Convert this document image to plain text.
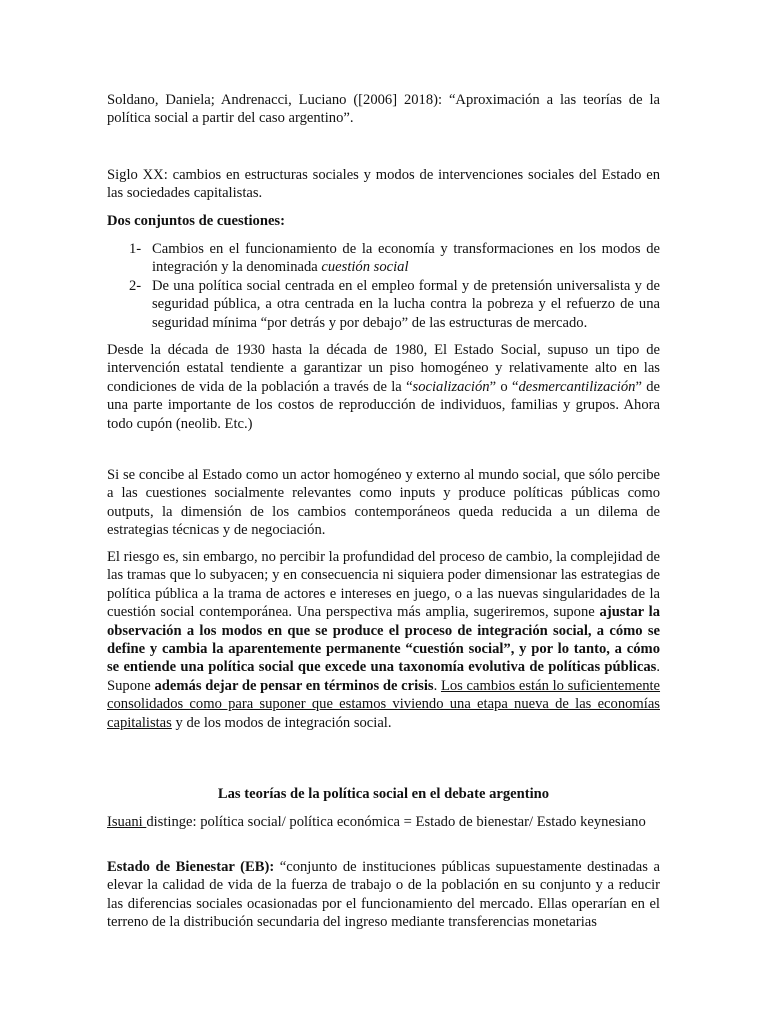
Soldano, Daniela; Andrenacci, Luciano ([2006] 2018): “Aproximación a las teorías de la política social a partir del caso argentino”.

Siglo XX: cambios en estructuras sociales y modos de intervenciones sociales del Estado en las sociedades capitalistas.

Dos conjuntos de cuestiones:

1- Cambios en el funcionamiento de la economía y transformaciones en los modos de integración y la denominada cuestión social
2- De una política social centrada en el empleo formal y de pretensión universalista y de seguridad pública, a otra centrada en la lucha contra la pobreza y el refuerzo de una seguridad mínima “por detrás y por debajo” de las estructuras de mercado.

Desde la década de 1930 hasta la década de 1980, El Estado Social, supuso un tipo de intervención estatal tendiente a garantizar un piso homogéneo y relativamente alto en las condiciones de vida de la población a través de la “socialización” o “desmercantilización” de una parte importante de los costos de reproducción de individuos, familias y grupos. Ahora todo cupón (neolib. Etc.)

Si se concibe al Estado como un actor homogéneo y externo al mundo social, que sólo percibe a las cuestiones socialmente relevantes como inputs y produce políticas públicas como outputs, la dimensión de los cambios contemporáneos queda reducida a un dilema de estrategias técnicas y de negociación.

El riesgo es, sin embargo, no percibir la profundidad del proceso de cambio, la complejidad de las tramas que lo subyacen; y en consecuencia ni siquiera poder dimensionar las estrategias de política pública a la trama de actores e intereses en juego, o a las nuevas singularidades de la cuestión social contemporánea. Una perspectiva más amplia, sugeriremos, supone ajustar la observación a los modos en que se produce el proceso de integración social, a cómo se define y cambia la aparentemente permanente “cuestión social”, y por lo tanto, a cómo se entiende una política social que excede una taxonomía evolutiva de políticas públicas. Supone además dejar de pensar en términos de crisis. Los cambios están lo suficientemente consolidados como para suponer que estamos viviendo una etapa nueva de las economías capitalistas y de los modos de integración social.

Las teorías de la política social en el debate argentino

Isuani distinge: política social/ política económica = Estado de bienestar/ Estado keynesiano

Estado de Bienestar (EB): “conjunto de instituciones públicas supuestamente destinadas a elevar la calidad de vida de la fuerza de trabajo o de la población en su conjunto y a reducir las diferencias sociales ocasionadas por el funcionamiento del mercado. Ellas operarían en el terreno de la distribución secundaria del ingreso mediante transferencias monetarias
